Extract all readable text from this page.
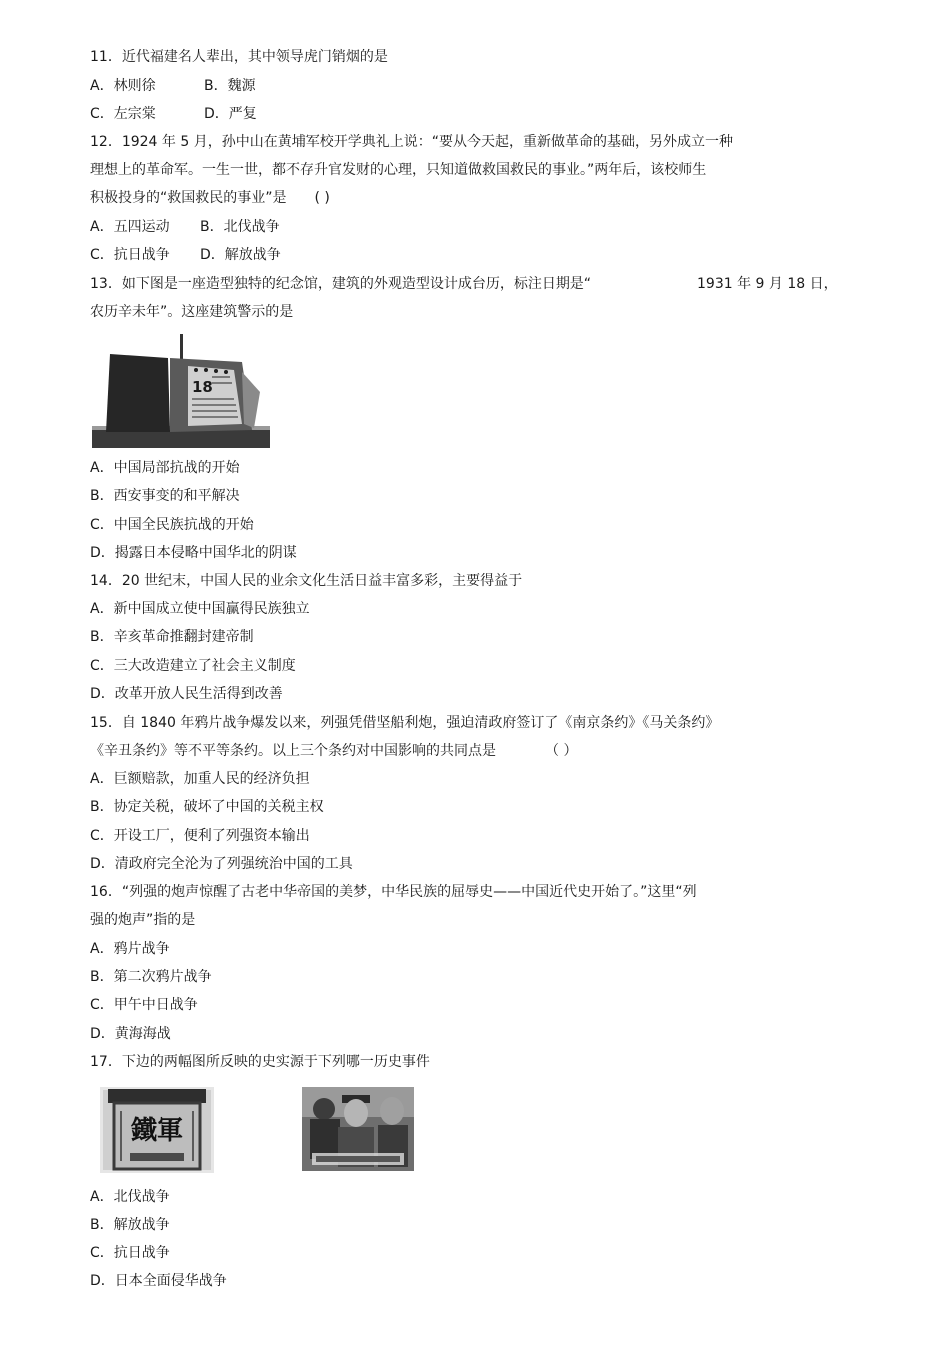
11．近代福建名人辈出，其中领导虎门销烟的是
A．林则徐	B．魏源
C．左宗棠	D．严复
12．1924 年 5 月，孙中山在黄埔军校开学典礼上说：“要从今天起，重新做革命的基础，另外成立一种
理想上的革命军。一生一世，都不存升官发财的心理，只知道做救国救民的事业。”两年后，该校师生
积极投身的“救国救民的事业”是　　( )
A．五四运动 B．北伐战争
C．抗日战争 D．解放战争
13．如下图是一座造型独特的纪念馆，建筑的外观造型设计成台历，标注日期是“	1931 年 9 月 18 日，
农历辛未年”。这座建筑警示的是
18
A．中国局部抗战的开始
B．西安事变的和平解决
C．中国全民族抗战的开始
D．揭露日本侵略中国华北的阴谋
14．20 世纪末，中国人民的业余文化生活日益丰富多彩，主要得益于
A．新中国成立使中国赢得民族独立
B．辛亥革命推翻封建帝制
C．三大改造建立了社会主义制度
D．改革开放人民生活得到改善
15．自 1840 年鸦片战争爆发以来，列强凭借坚船利炮，强迫清政府签订了《南京条约》《马关条约》
《辛丑条约》等不平等条约。以上三个条约对中国影响的共同点是　　　　（ ）
A．巨额赔款，加重人民的经济负担
B．协定关税，破坏了中国的关税主权
C．开设工厂，便利了列强资本输出
D．清政府完全沦为了列强统治中国的工具
16．“列强的炮声惊醒了古老中华帝国的美梦，中华民族的屈辱史——中国近代史开始了。”这里“列
强的炮声”指的是
A．鸦片战争
B．第二次鸦片战争
C．甲午中日战争
D．黄海海战
17．下边的两幅图所反映的史实源于下列哪一历史事件
鐵軍
A．北伐战争
B．解放战争
C．抗日战争
D．日本全面侵华战争
